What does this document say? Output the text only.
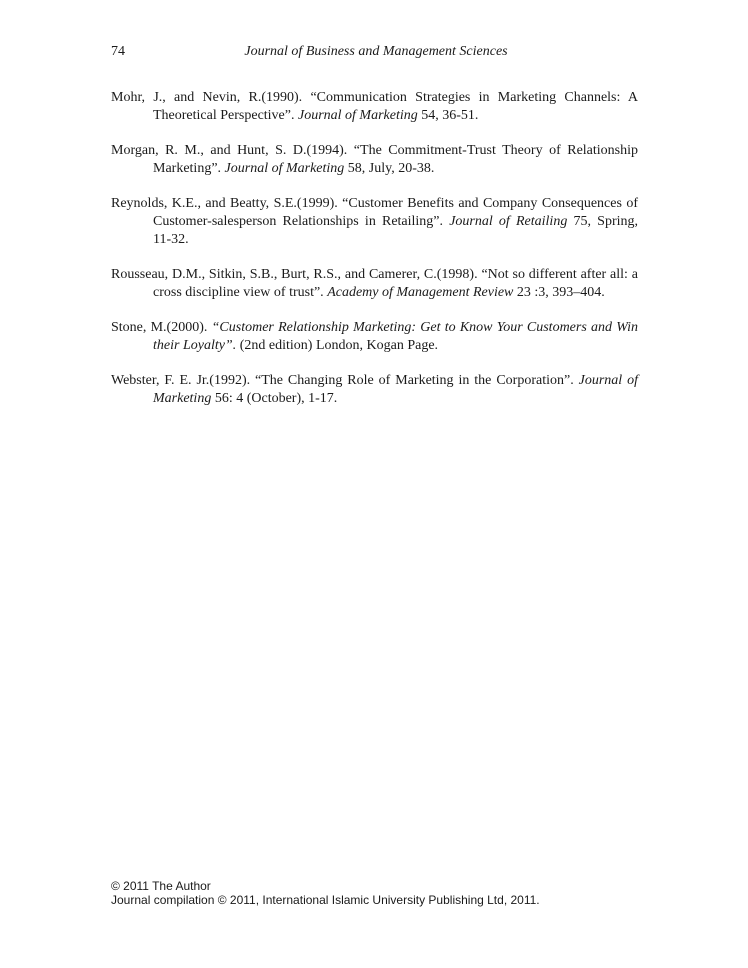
74	Journal of Business and Management Sciences

Mohr, J., and Nevin, R.(1990). “Communication Strategies in Marketing Channels: A Theoretical Perspective”. Journal of Marketing 54, 36-51.

Morgan, R. M., and Hunt, S. D.(1994). “The Commitment-Trust Theory of Relationship Marketing”. Journal of Marketing 58, July, 20-38.

Reynolds, K.E., and Beatty, S.E.(1999). “Customer Benefits and Company Consequences of Customer-salesperson Relationships in Retailing”. Journal of Retailing 75, Spring, 11-32.

Rousseau, D.M., Sitkin, S.B., Burt, R.S., and Camerer, C.(1998). “Not so different after all: a cross discipline view of trust”. Academy of Management Review 23 :3, 393–404.

Stone, M.(2000). “Customer Relationship Marketing: Get to Know Your Customers and Win their Loyalty”. (2nd edition) London, Kogan Page.

Webster, F. E. Jr.(1992). “The Changing Role of Marketing in the Corporation”. Journal of Marketing 56: 4 (October), 1-17.

© 2011 The Author
Journal compilation © 2011, International Islamic University Publishing Ltd, 2011.
